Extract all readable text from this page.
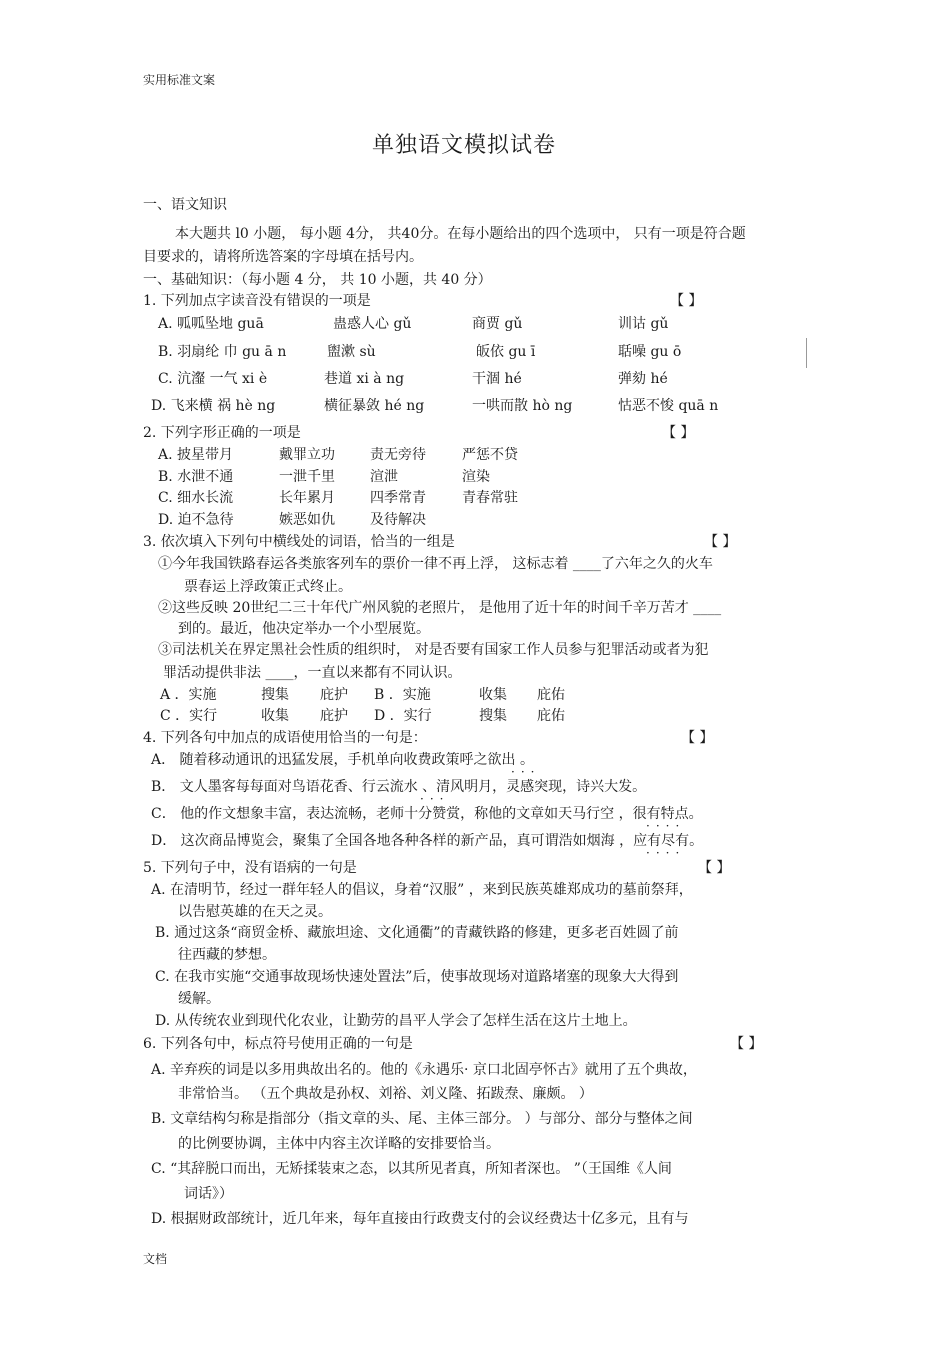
实用标准文案
单独语文模拟试卷
一、语文知识
本大题共 l0 小题， 每小题 4分， 共40分。在每小题给出的四个选项中， 只有一项是符合题
目要求的，请将所选答案的字母填在括号内。
一、基础知识：（每小题 4 分， 共 10 小题，共 40 分）
1. 下列加点字读音没有错误的一项是	【 】
A. 呱呱坠地 guā	蛊惑人心 gǔ	商贾 gǔ	训诂 gǔ
B. 羽扇纶 巾 gu ā n	盥漱 sù	皈依 gu ī	聒噪 gu ō
C. 沆瀣 一气 xi è	巷道 xi à ng	干涸 hé	弹劾 hé
D. 飞来横 祸 hè ng	横征暴敛 hé ng	一哄而散 hò ng	怙恶不悛 quā n
2. 下列字形正确的一项是	【 】
A. 披星带月	戴罪立功	责无旁待	严惩不贷
B. 水泄不通	一泄千里	渲泄	渲染
C. 细水长流	长年累月	四季常青	青春常驻
D. 迫不急待	嫉恶如仇	及待解决
3. 依次填入下列句中横线处的词语，恰当的一组是	【 】
①今年我国铁路春运各类旅客列车的票价一律不再上浮， 这标志着 ____了六年之久的火车
票春运上浮政策正式终止。
②这些反映 20世纪二三十年代广州风貌的老照片， 是他用了近十年的时间千辛万苦才 ____
到的。最近，他决定举办一个小型展览。
③司法机关在界定黑社会性质的组织时， 对是否要有国家工作人员参与犯罪活动或者为犯
罪活动提供非法 ____，一直以来都有不同认识。
A ．实施	搜集 庇护 B ．实施	收集 庇佑
C ．实行	收集 庇护 D ．实行	搜集 庇佑
4. 下列各句中加点的成语使用恰当的一句是：	【 】
A． 随着移动通讯的迅猛发展，手机单向收费政策呼之欲出 。
···
B． 文人墨客每每面对鸟语花香、行云流水 、清风明月，灵感突现，诗兴大发。
···
C． 他的作文想象丰富，表达流畅，老师十分赞赏，称他的文章如天马行空 ，很有特点。
····
D． 这次商品博览会，聚集了全国各地各种各样的新产品，真可谓浩如烟海 ，应有尽有。
····
5. 下列句子中，没有语病的一句是	【 】
A. 在清明节，经过一群年轻人的倡议，身着“汉服” ，来到民族英雄郑成功的墓前祭拜，
以告慰英雄的在天之灵。
B. 通过这条“商贸金桥、藏旅坦途、文化通衢”的青藏铁路的修建，更多老百姓圆了前
往西藏的梦想。
C. 在我市实施“交通事故现场快速处置法”后，使事故现场对道路堵塞的现象大大得到
缓解。
D. 从传统农业到现代化农业，让勤劳的昌平人学会了怎样生活在这片土地上。
6. 下列各句中，标点符号使用正确的一句是	【 】
A. 辛弃疾的词是以多用典故出名的。他的《永遇乐· 京口北固亭怀古》就用了五个典故，
非常恰当。 （五个典故是孙权、刘裕、刘义隆、拓跋焘、廉颇。 ）
B. 文章结构匀称是指部分（指文章的头、尾、主体三部分。 ）与部分、部分与整体之间
的比例要协调，主体中内容主次详略的安排要恰当。
C. “其辞脱口而出，无矫揉装束之态，以其所见者真，所知者深也。 ”（王国维《人间
词话》）
D. 根据财政部统计，近几年来，每年直接由行政费支付的会议经费达十亿多元，且有与
文档
